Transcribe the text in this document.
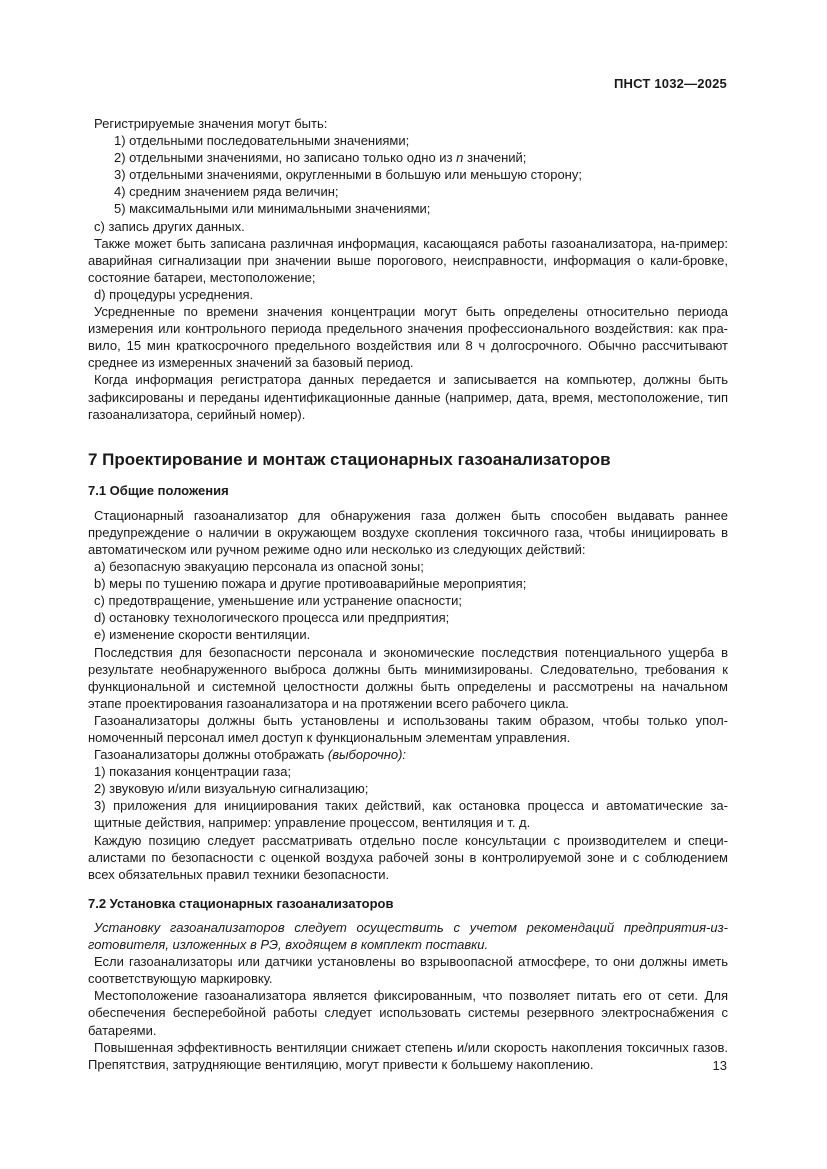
ПНСТ 1032—2025

Регистрируемые значения могут быть:

1) отдельными последовательными значениями;

2) отдельными значениями, но записано только одно из n значений;

3) отдельными значениями, округленными в большую или меньшую сторону;

4) средним значением ряда величин;

5) максимальными или минимальными значениями;

c) запись других данных.

Также может быть записана различная информация, касающаяся работы газоанализатора, на-пример: аварийная сигнализации при значении выше порогового, неисправности, информация о кали-бровке, состояние батареи, местоположение;

d) процедуры усреднения.

Усредненные по времени значения концентрации могут быть определены относительно периода измерения или контрольного периода предельного значения профессионального воздействия: как пра-вило, 15 мин краткосрочного предельного воздействия или 8 ч долгосрочного. Обычно рассчитывают среднее из измеренных значений за базовый период.

Когда информация регистратора данных передается и записывается на компьютер, должны быть зафиксированы и переданы идентификационные данные (например, дата, время, местоположение, тип газоанализатора, серийный номер).

7 Проектирование и монтаж стационарных газоанализаторов

7.1 Общие положения

Стационарный газоанализатор для обнаружения газа должен быть способен выдавать раннее предупреждение о наличии в окружающем воздухе скопления токсичного газа, чтобы инициировать в автоматическом или ручном режиме одно или несколько из следующих действий:

a) безопасную эвакуацию персонала из опасной зоны;

b) меры по тушению пожара и другие противоаварийные мероприятия;

c) предотвращение, уменьшение или устранение опасности;

d) остановку технологического процесса или предприятия;

e) изменение скорости вентиляции.

Последствия для безопасности персонала и экономические последствия потенциального ущерба в результате необнаруженного выброса должны быть минимизированы. Следовательно, требования к функциональной и системной целостности должны быть определены и рассмотрены на начальном этапе проектирования газоанализатора и на протяжении всего рабочего цикла.

Газоанализаторы должны быть установлены и использованы таким образом, чтобы только упол-номоченный персонал имел доступ к функциональным элементам управления.

Газоанализаторы должны отображать (выборочно):

1) показания концентрации газа;

2) звуковую и/или визуальную сигнализацию;

3) приложения для инициирования таких действий, как остановка процесса и автоматические за-щитные действия, например: управление процессом, вентиляция и т. д.

Каждую позицию следует рассматривать отдельно после консультации с производителем и специ-алистами по безопасности с оценкой воздуха рабочей зоны в контролируемой зоне и с соблюдением всех обязательных правил техники безопасности.

7.2 Установка стационарных газоанализаторов

Установку газоанализаторов следует осуществить с учетом рекомендаций предприятия-из-готовителя, изложенных в РЭ, входящем в комплект поставки.

Если газоанализаторы или датчики установлены во взрывоопасной атмосфере, то они должны иметь соответствующую маркировку.

Местоположение газоанализатора является фиксированным, что позволяет питать его от сети. Для обеспечения бесперебойной работы следует использовать системы резервного электроснабжения с батареями.

Повышенная эффективность вентиляции снижает степень и/или скорость накопления токсичных газов. Препятствия, затрудняющие вентиляцию, могут привести к большему накоплению.	13
